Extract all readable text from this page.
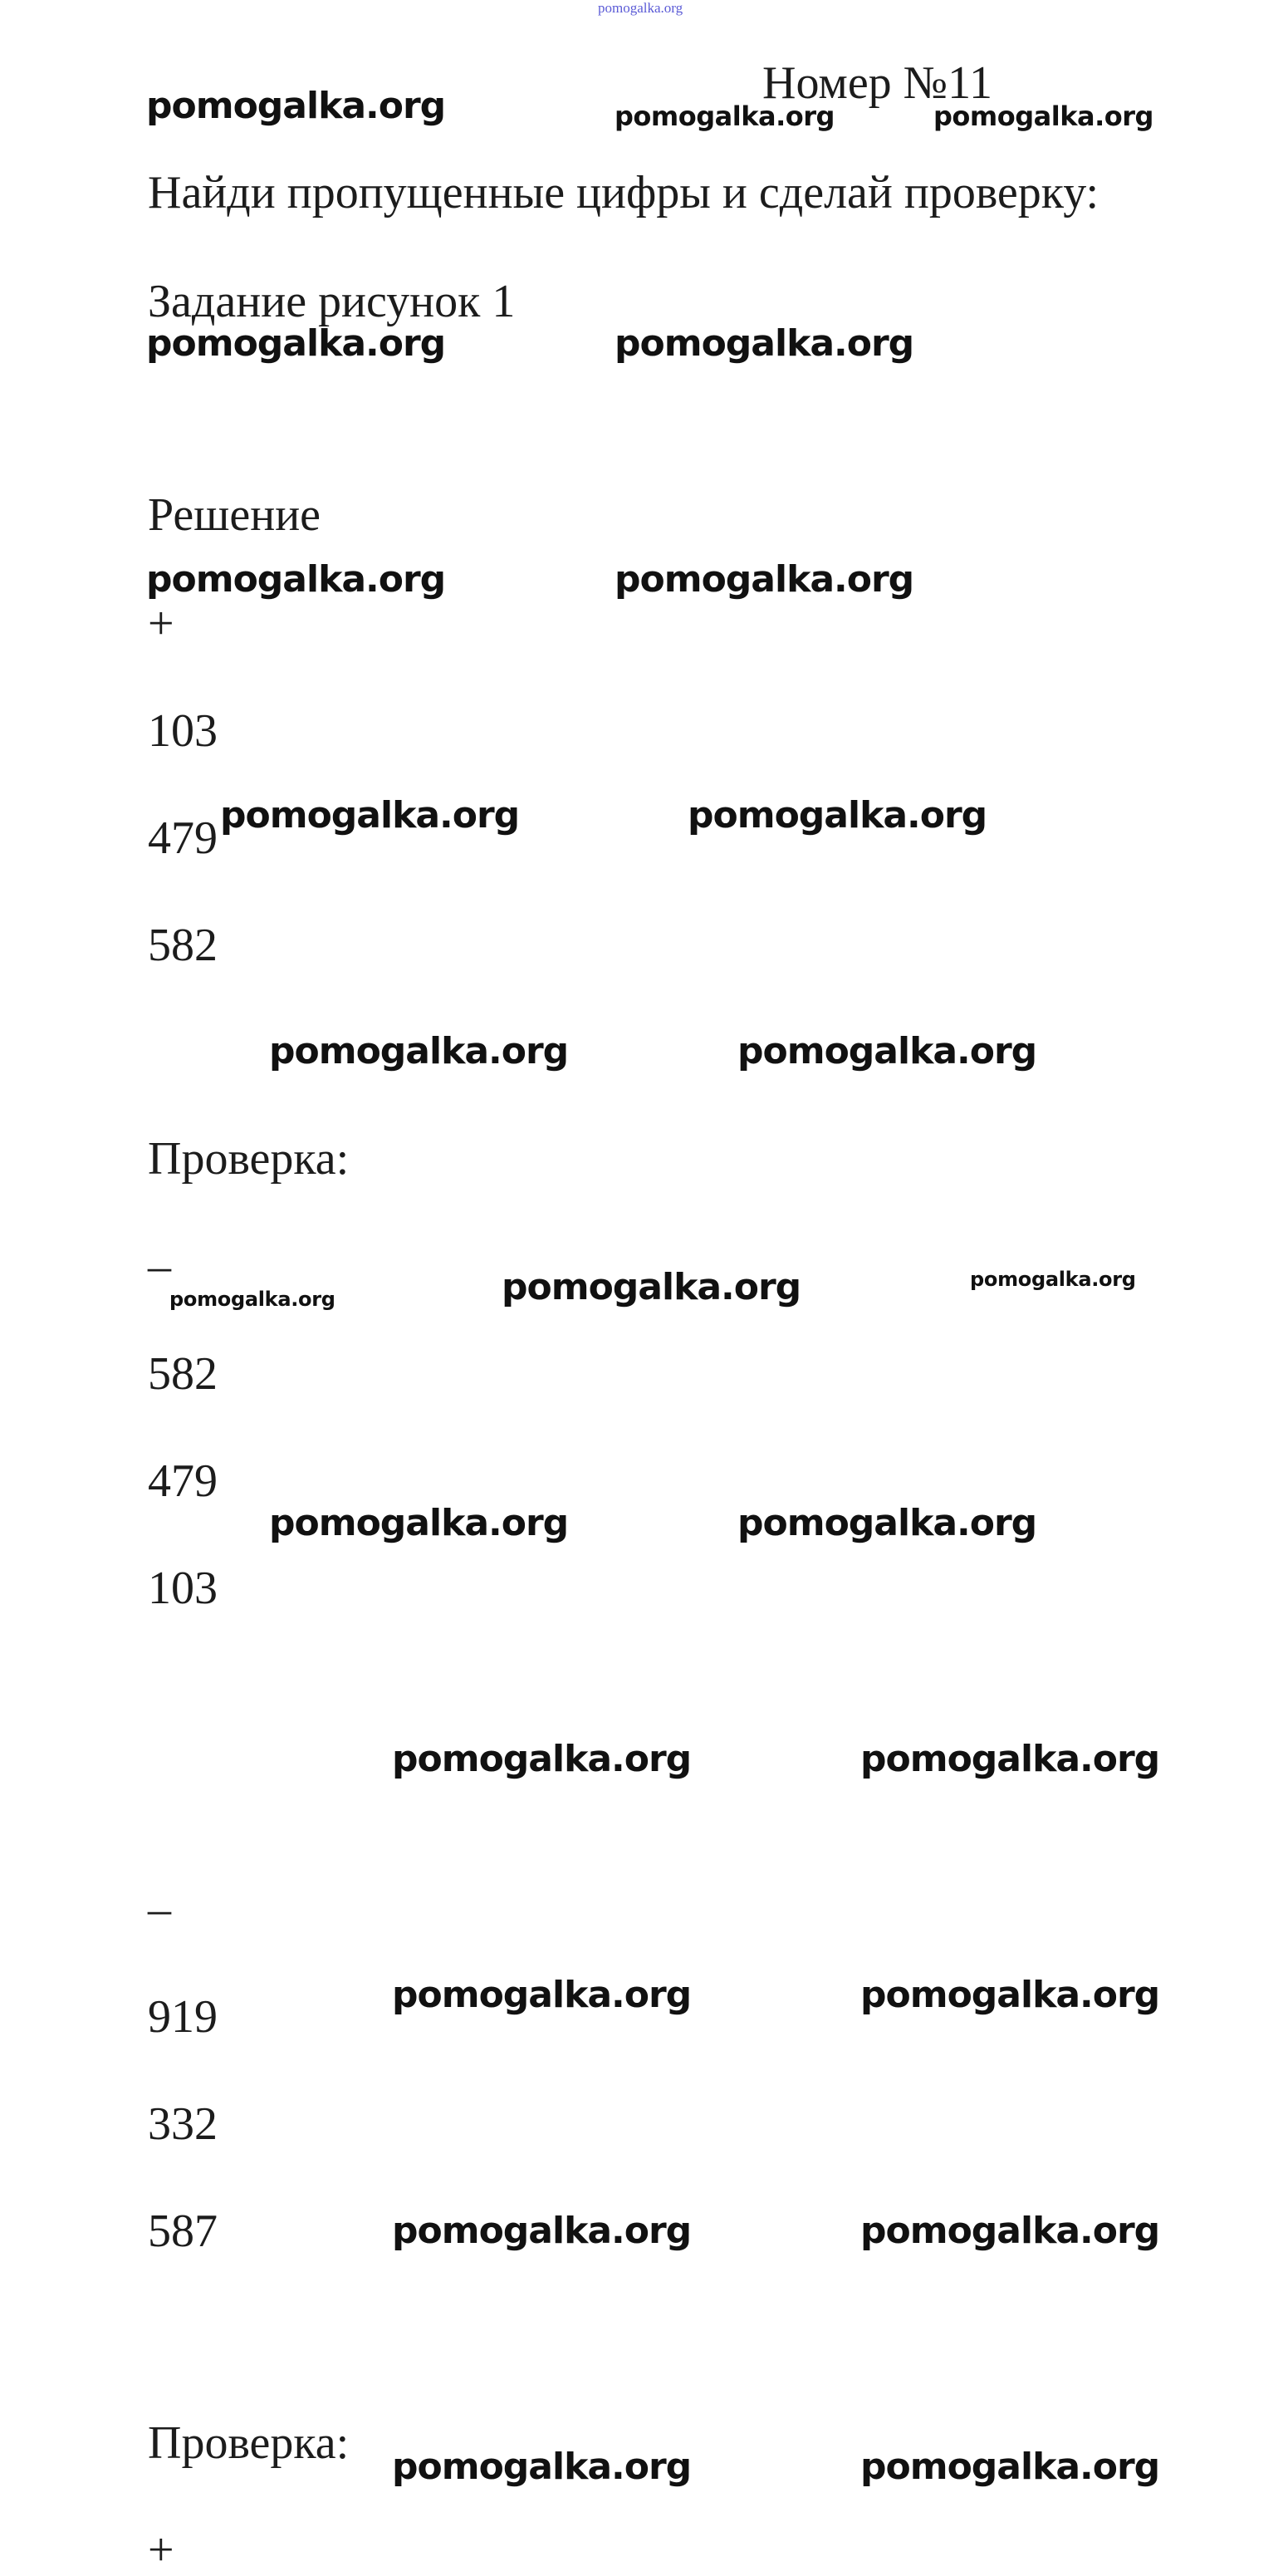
pomogalka.org
Номер №11
Найди пропущенные цифры и сделай проверку:
Задание рисунок 1
Решение
+
103
479
582
Проверка:
–
582
479
103
–
919
332
587
Проверка:
+
pomogalka.org	pomogalka.org	pomogalka.org
pomogalka.org	pomogalka.org
pomogalka.org	pomogalka.org
pomogalka.org	pomogalka.org
pomogalka.org	pomogalka.org
pomogalka.org	pomogalka.org	pomogalka.org
pomogalka.org	pomogalka.org
pomogalka.org	pomogalka.org
pomogalka.org	pomogalka.org
pomogalka.org	pomogalka.org
pomogalka.org	pomogalka.org
